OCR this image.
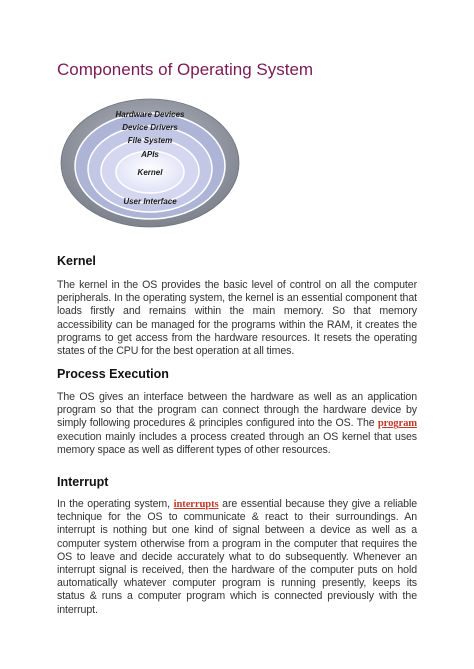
Components of Operating System
Hardware Devices
Device Drivers
File System
APIs
Kernel
User Interface
Kernel

The kernel in the OS provides the basic level of control on all the computer peripherals. In the operating system, the kernel is an essential component that loads firstly and remains within the main memory. So that memory accessibility can be managed for the programs within the RAM, it creates the programs to get access from the hardware resources. It resets the operating states of the CPU for the best operation at all times.

Process Execution

The OS gives an interface between the hardware as well as an application program so that the program can connect through the hardware device by simply following procedures & principles configured into the OS. The program execution mainly includes a process created through an OS kernel that uses memory space as well as different types of other resources.

Interrupt

In the operating system, interrupts are essential because they give a reliable technique for the OS to communicate & react to their surroundings. An interrupt is nothing but one kind of signal between a device as well as a computer system otherwise from a program in the computer that requires the OS to leave and decide accurately what to do subsequently. Whenever an interrupt signal is received, then the hardware of the computer puts on hold automatically whatever computer program is running presently, keeps its status & runs a computer program which is connected previously with the interrupt.
